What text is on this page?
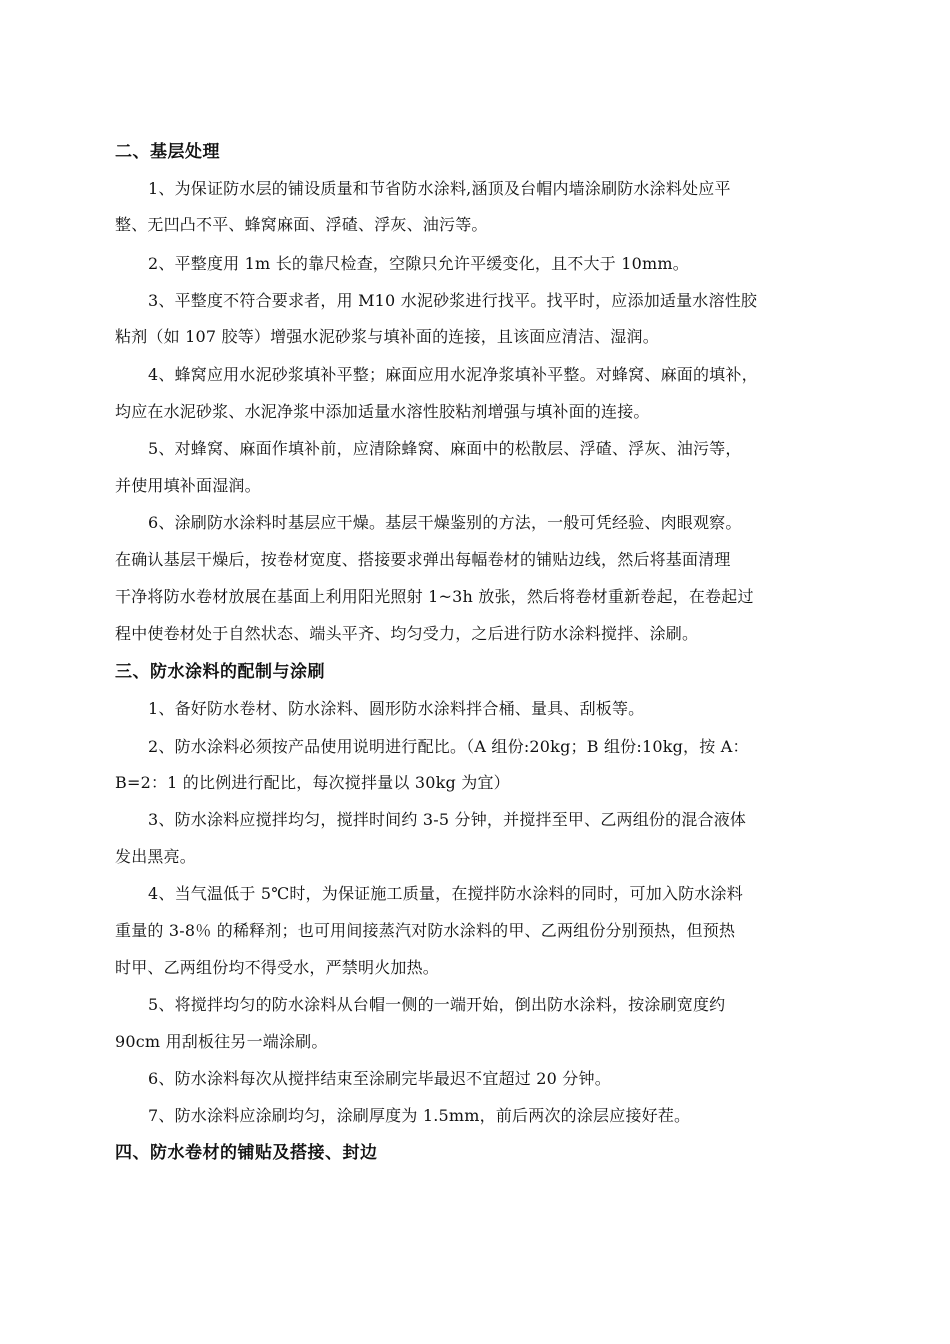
二、基层处理
1、为保证防水层的铺设质量和节省防水涂料,涵顶及台帽内墙涂刷防水涂料处应平
整、无凹凸不平、蜂窝麻面、浮碴、浮灰、油污等。
2、平整度用 1m 长的靠尺检查，空隙只允许平缓变化，且不大于 10mm。
3、平整度不符合要求者，用 M10 水泥砂浆进行找平。找平时，应添加适量水溶性胶
粘剂（如 107 胶等）增强水泥砂浆与填补面的连接，且该面应清洁、湿润。
4、蜂窝应用水泥砂浆填补平整；麻面应用水泥净浆填补平整。对蜂窝、麻面的填补，
均应在水泥砂浆、水泥净浆中添加适量水溶性胶粘剂增强与填补面的连接。
5、对蜂窝、麻面作填补前，应清除蜂窝、麻面中的松散层、浮碴、浮灰、油污等，
并使用填补面湿润。
6、涂刷防水涂料时基层应干燥。基层干燥鉴别的方法，一般可凭经验、肉眼观察。
在确认基层干燥后，按卷材宽度、搭接要求弹出每幅卷材的铺贴边线，然后将基面清理
干净将防水卷材放展在基面上利用阳光照射 1~3h 放张，然后将卷材重新卷起，在卷起过
程中使卷材处于自然状态、端头平齐、均匀受力，之后进行防水涂料搅拌、涂刷。
三、防水涂料的配制与涂刷
1、备好防水卷材、防水涂料、圆形防水涂料拌合桶、量具、刮板等。
2、防水涂料必须按产品使用说明进行配比。（A 组份:20kg；B 组份:10kg，按 A：
B=2：1 的比例进行配比，每次搅拌量以 30kg 为宜）
3、防水涂料应搅拌均匀，搅拌时间约 3-5 分钟，并搅拌至甲、乙两组份的混合液体
发出黑亮。
4、当气温低于 5℃时，为保证施工质量，在搅拌防水涂料的同时，可加入防水涂料
重量的 3-8％ 的稀释剂；也可用间接蒸汽对防水涂料的甲、乙两组份分别预热，但预热
时甲、乙两组份均不得受水，严禁明火加热。
5、将搅拌均匀的防水涂料从台帽一侧的一端开始，倒出防水涂料，按涂刷宽度约
90cm 用刮板往另一端涂刷。
6、防水涂料每次从搅拌结束至涂刷完毕最迟不宜超过 20 分钟。
7、防水涂料应涂刷均匀，涂刷厚度为 1.5mm，前后两次的涂层应接好茬。
四、防水卷材的铺贴及搭接、封边
